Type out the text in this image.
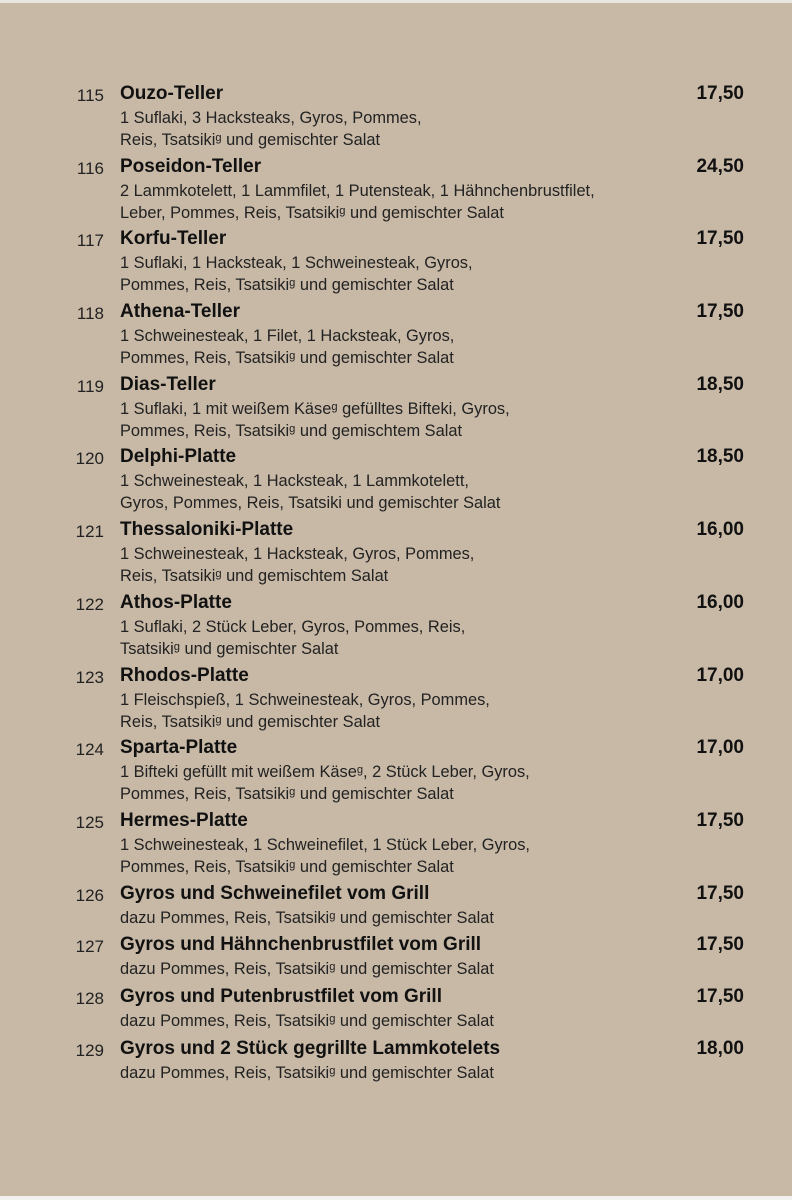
115 Ouzo-Teller	17,50
1 Suflaki, 3 Hacksteaks, Gyros, Pommes,
Reis, Tsatsikiᵍ und gemischter Salat
116 Poseidon-Teller	24,50
2 Lammkotelett, 1 Lammfilet, 1 Putensteak, 1 Hähnchenbrustfilet,
Leber, Pommes, Reis, Tsatsikiᵍ und gemischter Salat
117 Korfu-Teller	17,50
1 Suflaki, 1 Hacksteak, 1 Schweinesteak, Gyros,
Pommes, Reis, Tsatsikiᵍ und gemischter Salat
118 Athena-Teller	17,50
1 Schweinesteak, 1 Filet, 1 Hacksteak, Gyros,
Pommes, Reis, Tsatsikiᵍ und gemischter Salat
119 Dias-Teller	18,50
1 Suflaki, 1 mit weißem Käseᵍ gefülltes Bifteki, Gyros,
Pommes, Reis, Tsatsikiᵍ und gemischtem Salat
120 Delphi-Platte	18,50
1 Schweinesteak, 1 Hacksteak, 1 Lammkotelett,
Gyros, Pommes, Reis, Tsatsiki und gemischter Salat
121 Thessaloniki-Platte	16,00
1 Schweinesteak, 1 Hacksteak, Gyros, Pommes,
Reis, Tsatsikiᵍ und gemischtem Salat
122 Athos-Platte	16,00
1 Suflaki, 2 Stück Leber, Gyros, Pommes, Reis,
Tsatsikiᵍ und gemischter Salat
123 Rhodos-Platte	17,00
1 Fleischspieß, 1 Schweinesteak, Gyros, Pommes,
Reis, Tsatsikiᵍ und gemischter Salat
124 Sparta-Platte	17,00
1 Bifteki gefüllt mit weißem Käseᵍ, 2 Stück Leber, Gyros,
Pommes, Reis, Tsatsikiᵍ und gemischter Salat
125 Hermes-Platte	17,50
1 Schweinesteak, 1 Schweinefilet, 1 Stück Leber, Gyros,
Pommes, Reis, Tsatsikiᵍ und gemischter Salat
126 Gyros und Schweinefilet vom Grill	17,50
dazu Pommes, Reis, Tsatsikiᵍ und gemischter Salat
127 Gyros und Hähnchenbrustfilet vom Grill	17,50
dazu Pommes, Reis, Tsatsikiᵍ und gemischter Salat
128 Gyros und Putenbrustfilet vom Grill	17,50
dazu Pommes, Reis, Tsatsikiᵍ und gemischter Salat
129 Gyros und 2 Stück gegrillte Lammkotelets	18,00
dazu Pommes, Reis, Tsatsikiᵍ und gemischter Salat
